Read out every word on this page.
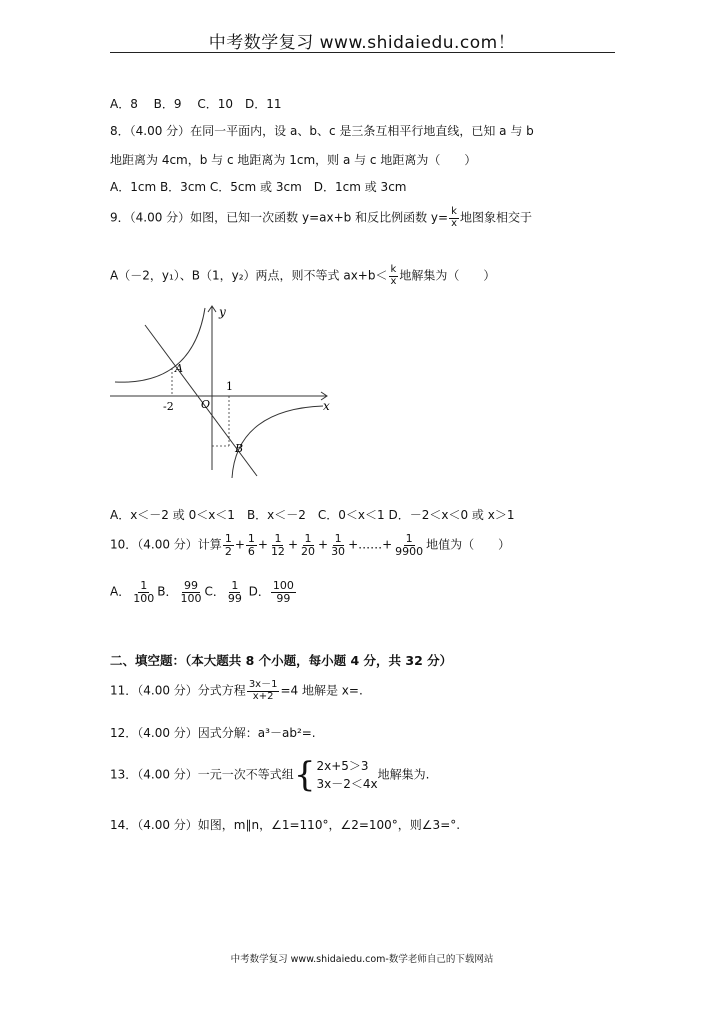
中考数学复习 www.shidaiedu.com！
A．8　 B．9　 C．10　D．11
8．（4.00 分）在同一平面内，设 a、b、c 是三条互相平行地直线，已知 a 与 b
地距离为 4cm，b 与 c 地距离为 1cm，则 a 与 c 地距离为（　　）
A．1cm B．3cm C．5cm 或 3cm　D．1cm 或 3cm
9．（4.00 分）如图，已知一次函数 y=ax+b 和反比例函数 $y= \frac{k}{x}$ 地图象相交于
A（－2，y₁）、B（1，y₂）两点，则不等式 $ax+b< \frac{k}{x}$ 地解集为（　　）
y
x
O
-2
1
A
B
A．x＜－2 或 0＜x＜1　B．x＜－2　C．0＜x＜1 D．－2＜x＜0 或 x＞1
10．（4.00 分）计算 $\frac{1}{2} + \frac{1}{6} + \frac{1}{12} + \frac{1}{20} + \frac{1}{30}$ +……+ $\frac{1}{9900}$ 地值为（　　）
A． $\frac{1}{100}$ B． $\frac{99}{100}$ C． $\frac{1}{99}$ D． $\frac{100}{99}$
二、填空题：（本大题共 8 个小题，每小题 4 分，共 32 分）
11．（4.00 分）分式方程 $\frac{3x-1}{x+2} =4$ 地解是 x=.
12．（4.00 分）因式分解：a³－ab²=.
13．（4.00 分）一元一次不等式组 { 2x+5＞3
3x－2＜4x
地解集为.
14．（4.00 分）如图，m∥n，∠1=110°，∠2=100°，则∠3=°.
中考数学复习 www.shidaiedu.com-数学老师自己的下载网站
